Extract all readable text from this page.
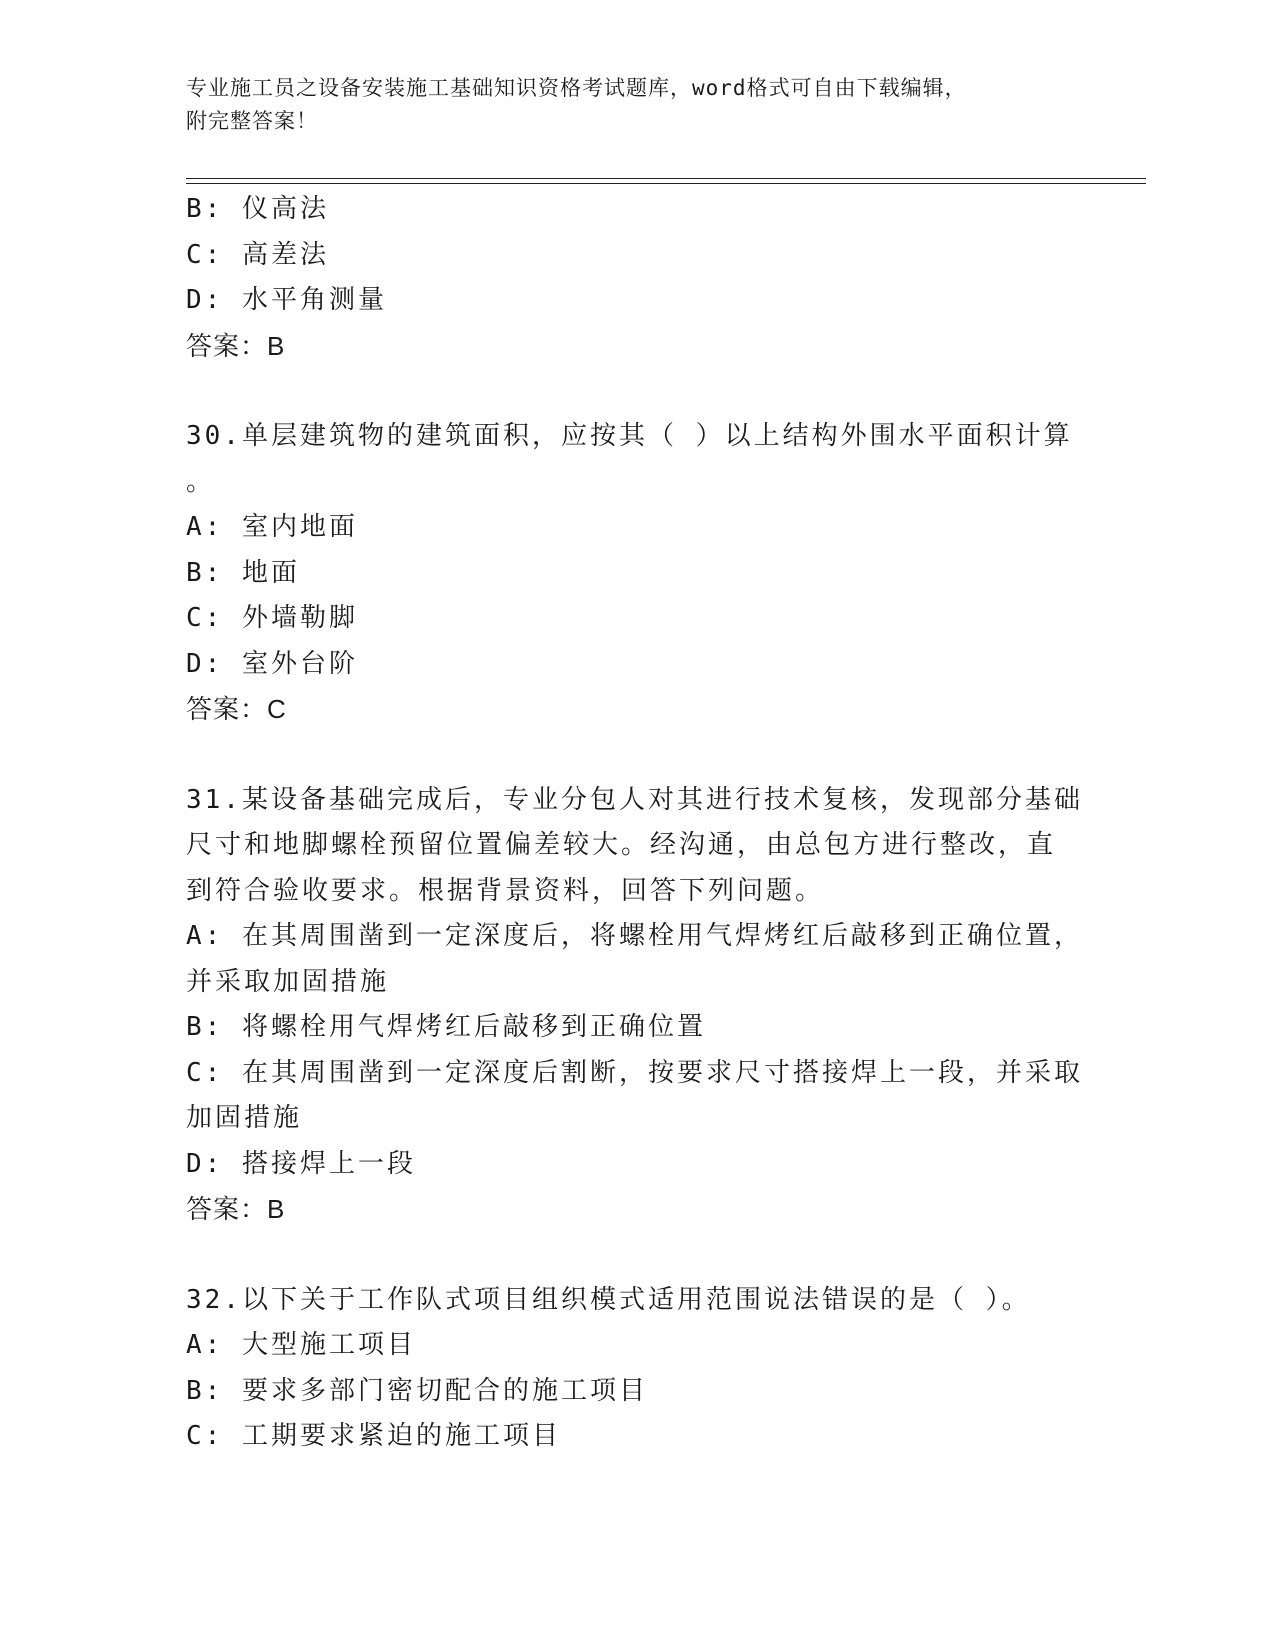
专业施工员之设备安装施工基础知识资格考试题库，word格式可自由下载编辑，
附完整答案！
B: 仪高法
C: 高差法
D: 水平角测量
答案：B
30.单层建筑物的建筑面积，应按其（ ）以上结构外围水平面积计算
。
A: 室内地面
B: 地面
C: 外墙勒脚
D: 室外台阶
答案：C
31.某设备基础完成后，专业分包人对其进行技术复核，发现部分基础
尺寸和地脚螺栓预留位置偏差较大。经沟通，由总包方进行整改，直
到符合验收要求。根据背景资料，回答下列问题。
A: 在其周围凿到一定深度后，将螺栓用气焊烤红后敲移到正确位置，
并采取加固措施
B: 将螺栓用气焊烤红后敲移到正确位置
C: 在其周围凿到一定深度后割断，按要求尺寸搭接焊上一段，并采取
加固措施
D: 搭接焊上一段
答案：B
32.以下关于工作队式项目组织模式适用范围说法错误的是（ ）。
A: 大型施工项目
B: 要求多部门密切配合的施工项目
C: 工期要求紧迫的施工项目
